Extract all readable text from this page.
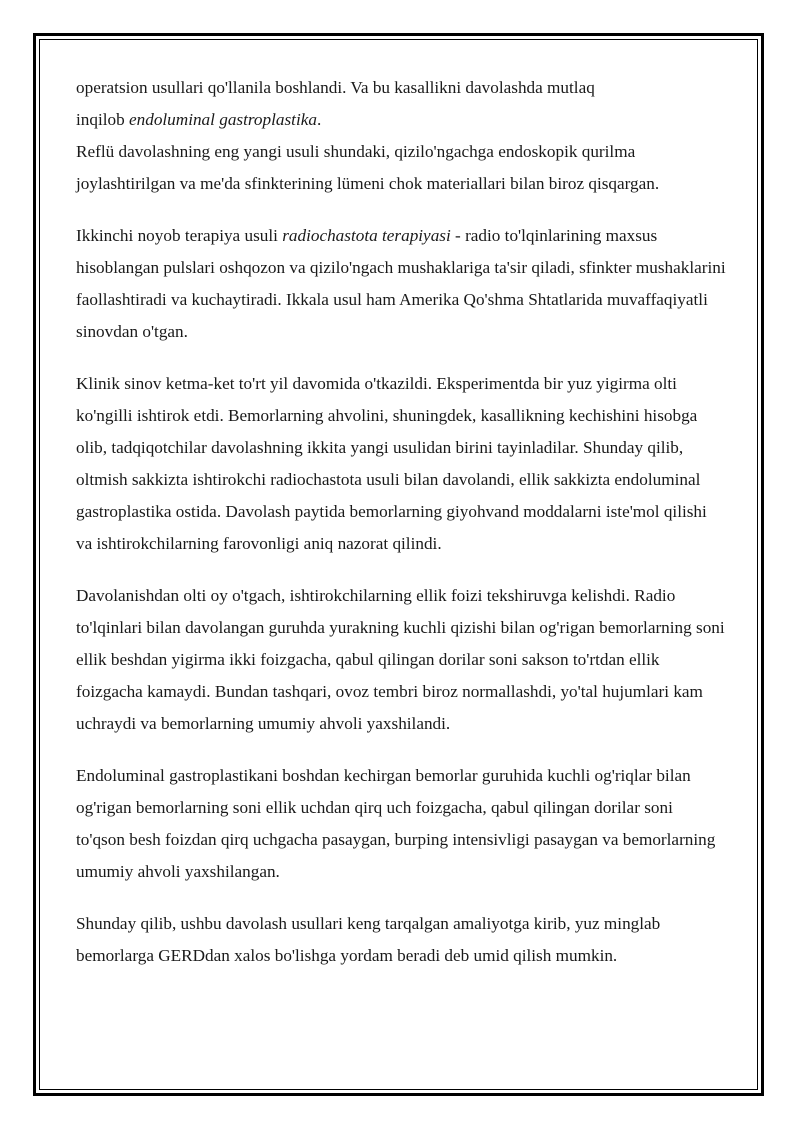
operatsion usullari qo'llanila boshlandi. Va bu kasallikni davolashda mutlaq
inqilob endoluminal gastroplastika.

Reflü davolashning eng yangi usuli shundaki, qizilo'ngachga endoskopik qurilma joylashtirilgan va me'da sfinkterining lümeni chok materiallari bilan biroz qisqargan.

Ikkinchi noyob terapiya usuli radiochastota terapiyasi - radio to'lqinlarining maxsus hisoblangan pulslari oshqozon va qizilo'ngach mushaklariga ta'sir qiladi, sfinkter mushaklarini faollashtiradi va kuchaytiradi. Ikkala usul ham Amerika Qo'shma Shtatlarida muvaffaqiyatli sinovdan o'tgan.

Klinik sinov ketma-ket to'rt yil davomida o'tkazildi. Eksperimentda bir yuz yigirma olti ko'ngilli ishtirok etdi. Bemorlarning ahvolini, shuningdek, kasallikning kechishini hisobga olib, tadqiqotchilar davolashning ikkita yangi usulidan birini tayinladilar. Shunday qilib, oltmish sakkizta ishtirokchi radiochastota usuli bilan davolandi, ellik sakkizta endoluminal gastroplastika ostida. Davolash paytida bemorlarning giyohvand moddalarni iste'mol qilishi va ishtirokchilarning farovonligi aniq nazorat qilindi.

Davolanishdan olti oy o'tgach, ishtirokchilarning ellik foizi tekshiruvga kelishdi. Radio to'lqinlari bilan davolangan guruhda yurakning kuchli qizishi bilan og'rigan bemorlarning soni ellik beshdan yigirma ikki foizgacha, qabul qilingan dorilar soni sakson to'rtdan ellik foizgacha kamaydi. Bundan tashqari, ovoz tembri biroz normallashdi, yo'tal hujumlari kam uchraydi va bemorlarning umumiy ahvoli yaxshilandi.

Endoluminal gastroplastikani boshdan kechirgan bemorlar guruhida kuchli og'riqlar bilan og'rigan bemorlarning soni ellik uchdan qirq uch foizgacha, qabul qilingan dorilar soni to'qson besh foizdan qirq uchgacha pasaygan, burping intensivligi pasaygan va bemorlarning umumiy ahvoli yaxshilangan.

Shunday qilib, ushbu davolash usullari keng tarqalgan amaliyotga kirib, yuz minglab bemorlarga GERDdan xalos bo'lishga yordam beradi deb umid qilish mumkin.
